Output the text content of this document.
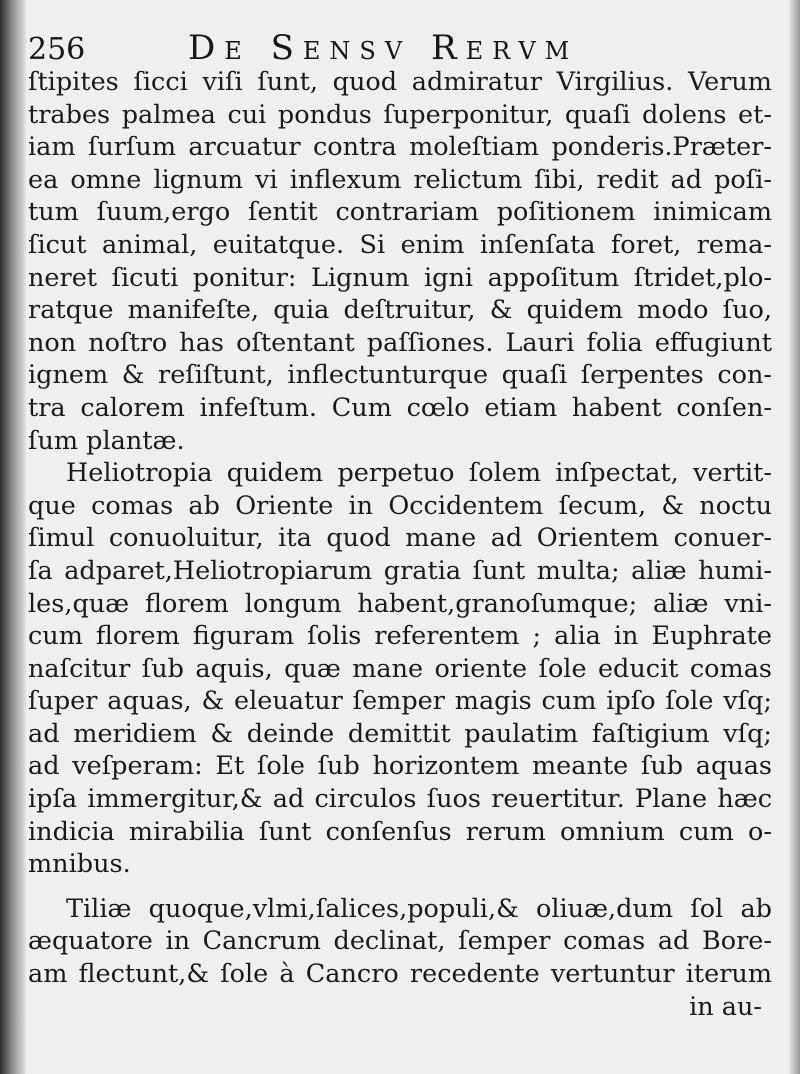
256	De Sensv Rervm
ſtipites ſicci viſi ſunt, quod admiratur Virgilius. Verum
trabes palmea cui pondus ſuperponitur, quaſi dolens et-
iam ſurſum arcuatur contra moleſtiam ponderis.Præter-
ea omne lignum vi inflexum relictum ſibi, redit ad poſi-
tum ſuum,ergo ſentit contrariam poſitionem inimicam
ſicut animal, euitatque. Si enim inſenſata foret, rema-
neret ſicuti ponitur: Lignum igni appoſitum ſtridet,plo-
ratque manifeſte, quia deſtruitur, & quidem modo ſuo,
non noſtro has oſtentant paſſiones. Lauri folia effugiunt
ignem & reſiſtunt, inflectunturque quaſi ſerpentes con-
tra calorem infeſtum. Cum cœlo etiam habent conſen-
ſum plantæ.
Heliotropia quidem perpetuo ſolem inſpectat, vertit-
que comas ab Oriente in Occidentem ſecum, & noctu
ſimul conuoluitur, ita quod mane ad Orientem conuer-
ſa adparet,Heliotropiarum gratia ſunt multa; aliæ humi-
les,quæ florem longum habent,granoſumque; aliæ vni-
cum florem figuram ſolis referentem ; alia in Euphrate
naſcitur ſub aquis, quæ mane oriente ſole educit comas
ſuper aquas, & eleuatur ſemper magis cum ipſo ſole vſq;
ad meridiem & deinde demittit paulatim faſtigium vſq;
ad veſperam: Et ſole ſub horizontem meante ſub aquas
ipſa immergitur,& ad circulos ſuos reuertitur. Plane hæc
indicia mirabilia ſunt conſenſus rerum omnium cum o-
mnibus.
Tiliæ quoque,vlmi,ſalices,populi,& oliuæ,dum ſol ab
æquatore in Cancrum declinat, ſemper comas ad Bore-
am flectunt,& ſole à Cancro recedente vertuntur iterum
in au-
